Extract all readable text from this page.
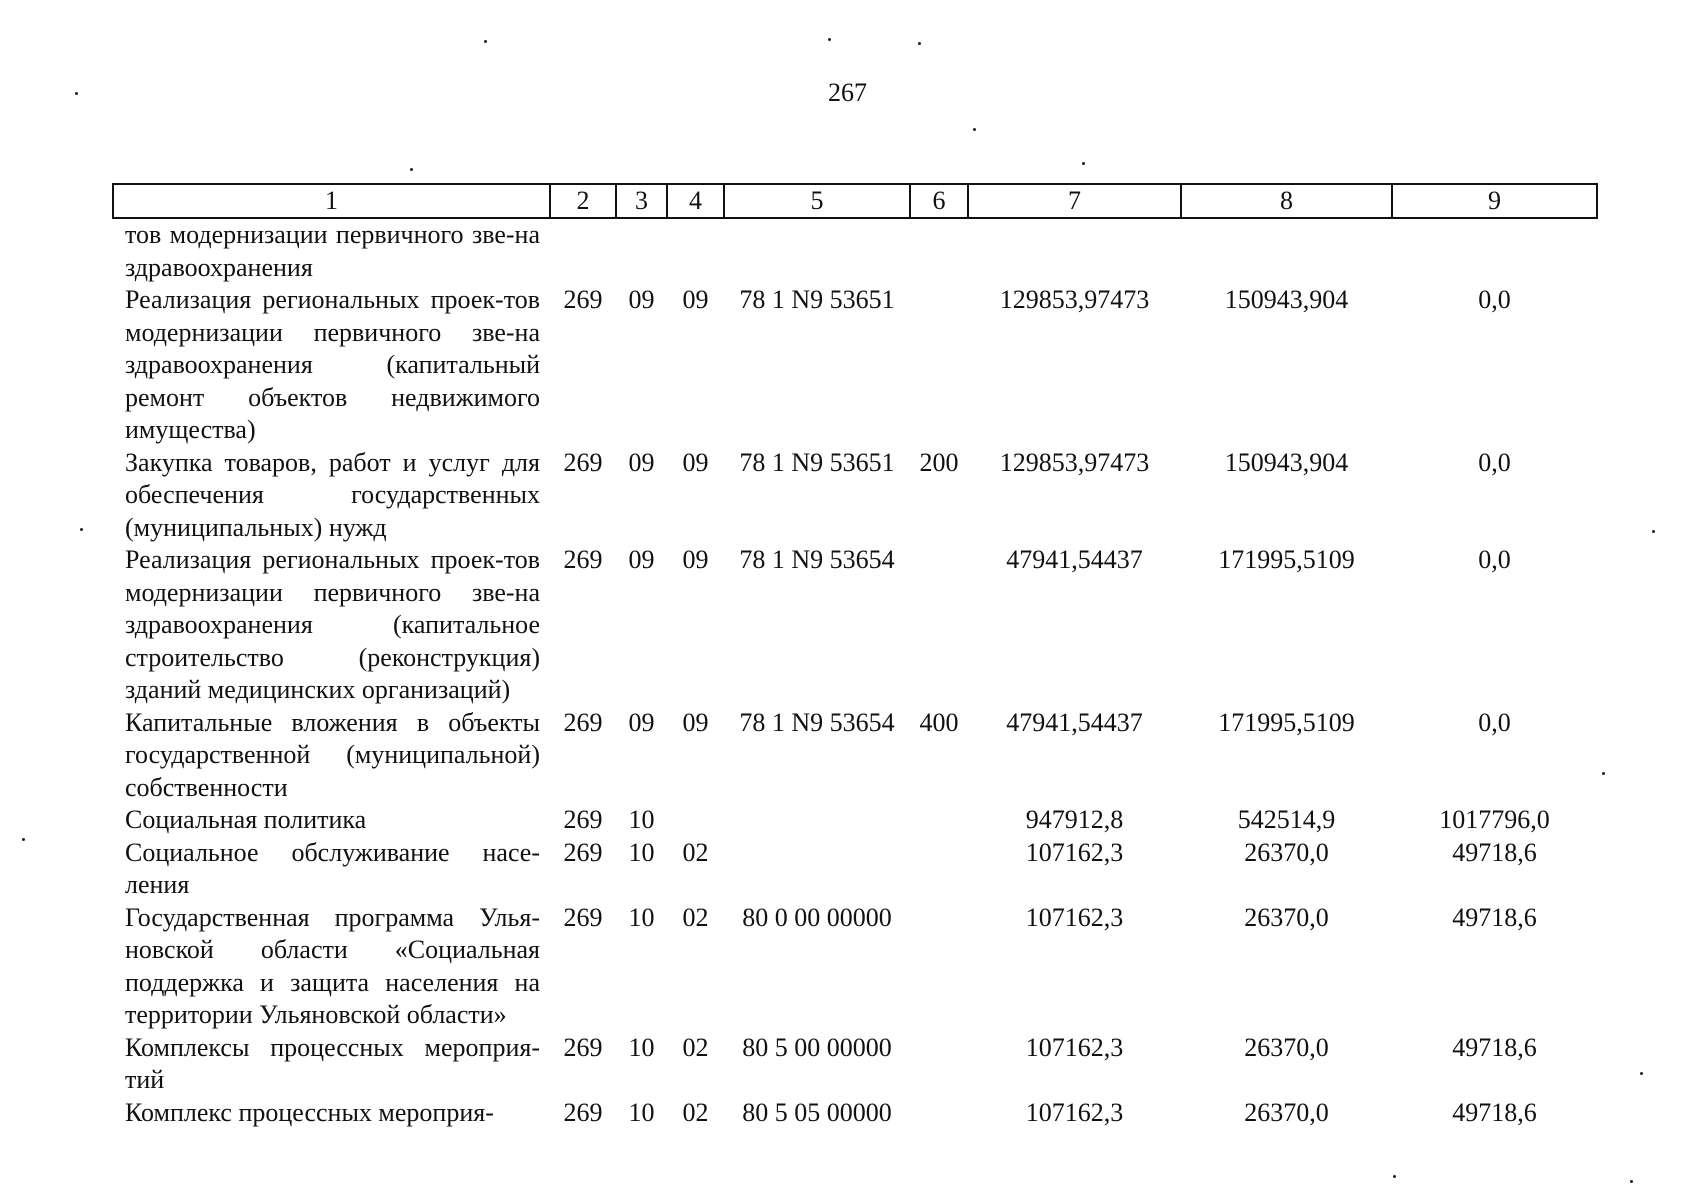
267
1	2	3	4	5	6	7	8	9
тов модернизации первичного зве-на здравоохранения								
Реализация региональных проек-тов модернизации первичного зве-на здравоохранения (капитальный ремонт объектов недвижимого имущества)	269	09	09	78 1 N9 53651		129853,97473	150943,904	0,0
Закупка товаров, работ и услуг для обеспечения государственных (муниципальных) нужд	269	09	09	78 1 N9 53651	200	129853,97473	150943,904	0,0
Реализация региональных проек-тов модернизации первичного зве-на здравоохранения (капитальное строительство (реконструкция) зданий медицинских организаций)	269	09	09	78 1 N9 53654		47941,54437	171995,5109	0,0
Капитальные вложения в объекты государственной (муниципальной) собственности	269	09	09	78 1 N9 53654	400	47941,54437	171995,5109	0,0
Социальная политика	269	10				947912,8	542514,9	1017796,0
Социальное обслуживание насе-ления	269	10	02			107162,3	26370,0	49718,6
Государственная программа Улья-новской области «Социальная поддержка и защита населения на территории Ульяновской области»	269	10	02	80 0 00 00000		107162,3	26370,0	49718,6
Комплексы процессных мероприя-тий	269	10	02	80 5 00 00000		107162,3	26370,0	49718,6
Комплекс процессных мероприя-	269	10	02	80 5 05 00000		107162,3	26370,0	49718,6
